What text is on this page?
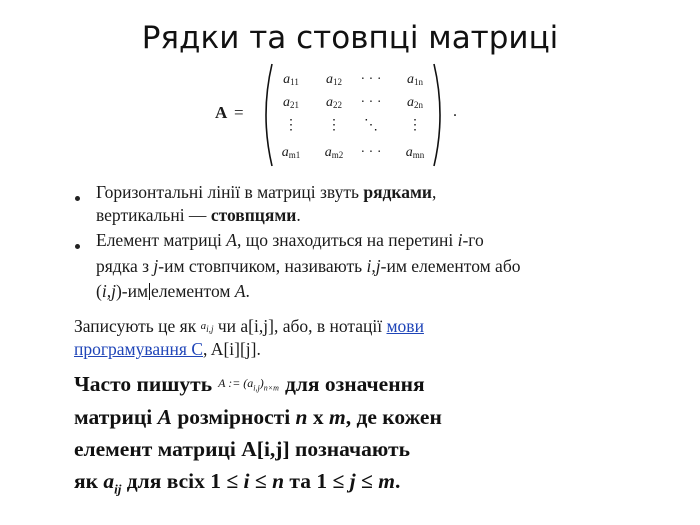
Рядки та стовпці матриці
A =
$a_{11}$	$a_{12}$	· · ·	$a_{1n}$
$a_{21}$	$a_{22}$	· · ·	$a_{2n}$
⋮	⋮	⋱	⋮
$a_{m1}$	$a_{m2}$	· · ·	$a_{mn}$
.
Горизонтальні лінії в матриці звуть рядками,
вертикальні — стовпцями.
Елемент матриці A, що знаходиться на перетині i-го
рядка з j-им стовпчиком, називають i,j-им елементом або
(i,j)-им елементом A.
Записують це як $a_{i,j}$ чи a[i,j], або, в нотації мови
програмування C, A[i][j].
Часто пишуть A := $(a_{i,j})_{n\times m}$ для означення
матриці A розмірності n х m, де кожен
елемент матриці A[i,j] позначають
як $a_{ij}$ для всіх 1 ≤ i ≤ n та 1 ≤ j ≤ m.
